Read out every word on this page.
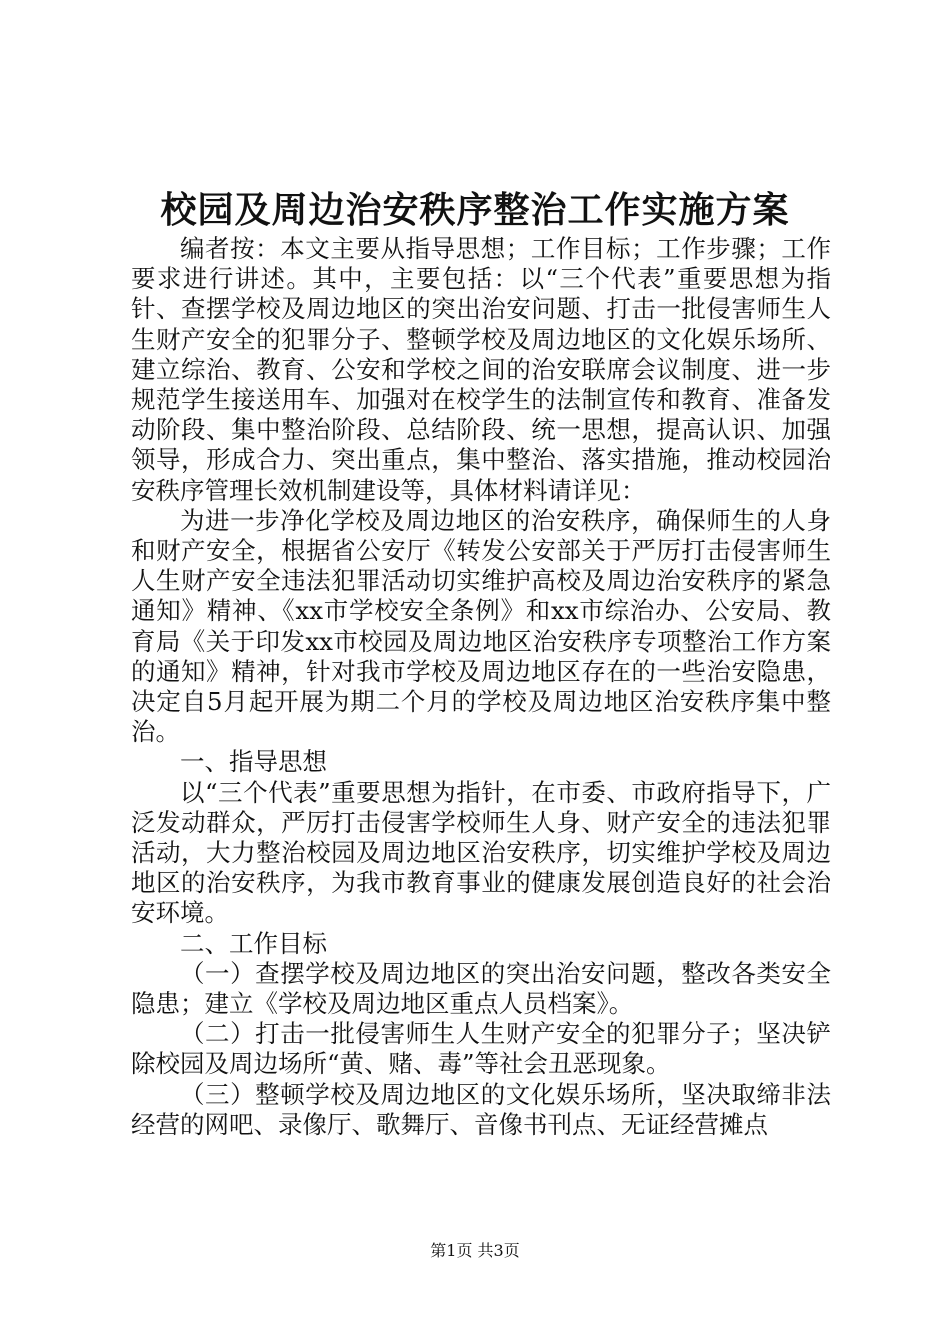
校园及周边治安秩序整治工作实施方案

编者按：本文主要从指导思想；工作目标；工作步骤；工作要求进行讲述。其中，主要包括：以“三个代表”重要思想为指针、查摆学校及周边地区的突出治安问题、打击一批侵害师生人生财产安全的犯罪分子、整顿学校及周边地区的文化娱乐场所、建立综治、教育、公安和学校之间的治安联席会议制度、进一步规范学生接送用车、加强对在校学生的法制宣传和教育、准备发动阶段、集中整治阶段、总结阶段、统一思想，提高认识、加强领导，形成合力、突出重点，集中整治、落实措施，推动校园治安秩序管理长效机制建设等，具体材料请详见：

为进一步净化学校及周边地区的治安秩序，确保师生的人身和财产安全，根据省公安厅《转发公安部关于严厉打击侵害师生人生财产安全违法犯罪活动切实维护高校及周边治安秩序的紧急通知》精神、《xx市学校安全条例》和xx市综治办、公安局、教育局《关于印发xx市校园及周边地区治安秩序专项整治工作方案的通知》精神，针对我市学校及周边地区存在的一些治安隐患，决定自5月起开展为期二个月的学校及周边地区治安秩序集中整治。

一、指导思想

以“三个代表”重要思想为指针，在市委、市政府指导下，广泛发动群众，严厉打击侵害学校师生人身、财产安全的违法犯罪活动，大力整治校园及周边地区治安秩序，切实维护学校及周边地区的治安秩序，为我市教育事业的健康发展创造良好的社会治安环境。

二、工作目标

（一）查摆学校及周边地区的突出治安问题，整改各类安全隐患；建立《学校及周边地区重点人员档案》。

（二）打击一批侵害师生人生财产安全的犯罪分子；坚决铲除校园及周边场所“黄、赌、毒”等社会丑恶现象。

（三）整顿学校及周边地区的文化娱乐场所，坚决取缔非法经营的网吧、录像厅、歌舞厅、音像书刊点、无证经营摊点

第1页 共3页
